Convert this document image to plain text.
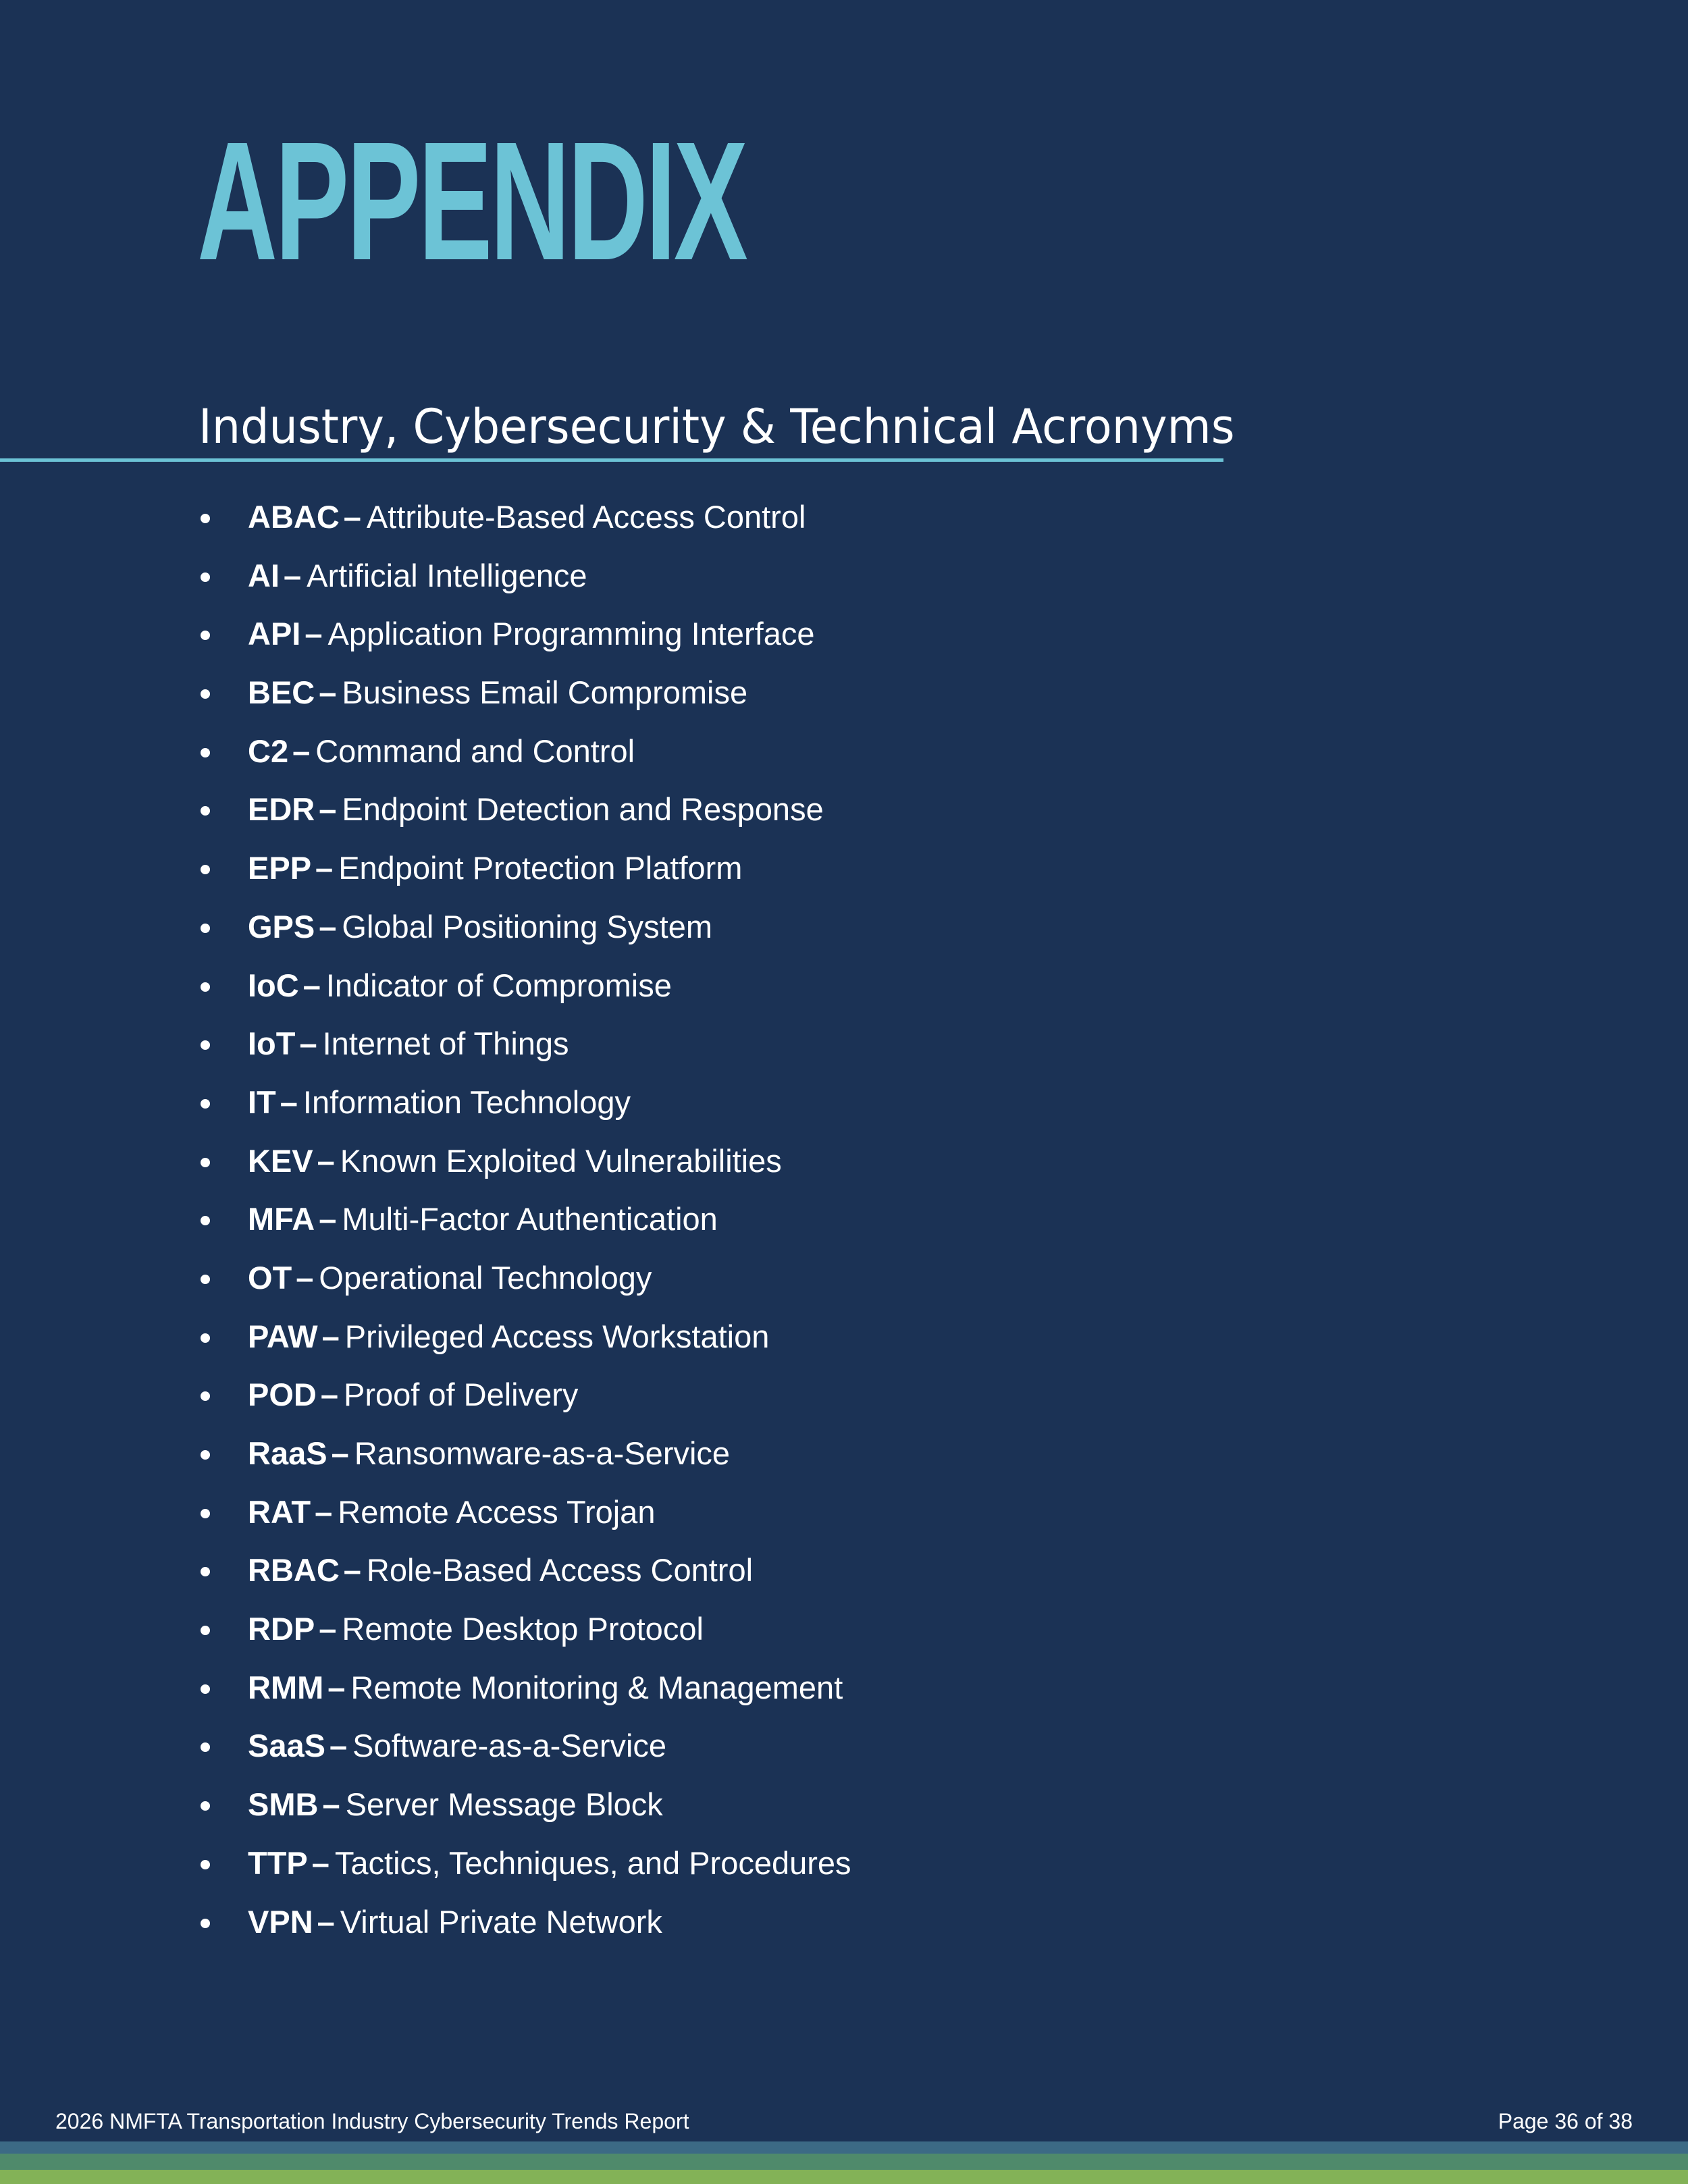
APPENDIX
Industry, Cybersecurity & Technical Acronyms
ABAC – Attribute-Based Access Control
AI – Artificial Intelligence
API – Application Programming Interface
BEC – Business Email Compromise
C2 – Command and Control
EDR – Endpoint Detection and Response
EPP – Endpoint Protection Platform
GPS – Global Positioning System
IoC – Indicator of Compromise
IoT – Internet of Things
IT – Information Technology
KEV – Known Exploited Vulnerabilities
MFA – Multi-Factor Authentication
OT – Operational Technology
PAW – Privileged Access Workstation
POD – Proof of Delivery
RaaS – Ransomware-as-a-Service
RAT – Remote Access Trojan
RBAC – Role-Based Access Control
RDP – Remote Desktop Protocol
RMM – Remote Monitoring & Management
SaaS – Software-as-a-Service
SMB – Server Message Block
TTP – Tactics, Techniques, and Procedures
VPN – Virtual Private Network
2026 NMFTA Transportation Industry Cybersecurity Trends Report	Page 36 of 38
